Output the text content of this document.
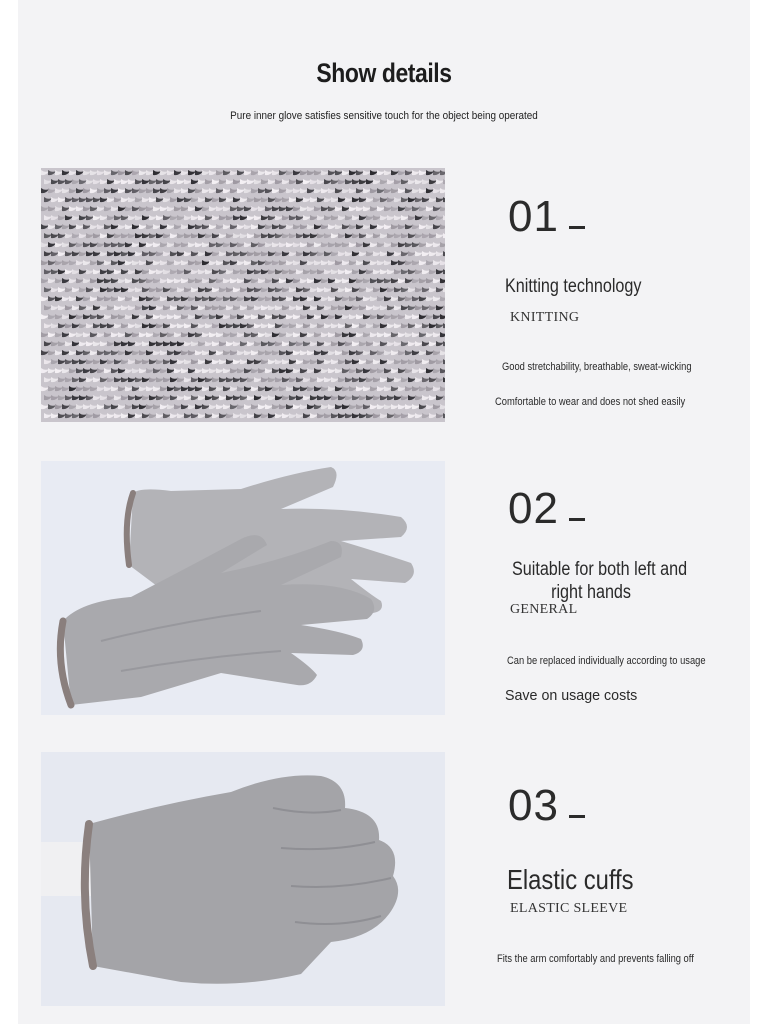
Show details
Pure inner glove satisfies sensitive touch for the object being operated
01
Knitting technology
KNITTING
Good stretchability, breathable, sweat-wicking
Comfortable to wear and does not shed easily
02
Suitable for both left and
right hands
GENERAL
Can be replaced individually according to usage
Save on usage costs
03
Elastic cuffs
ELASTIC SLEEVE
Fits the arm comfortably and prevents falling off
